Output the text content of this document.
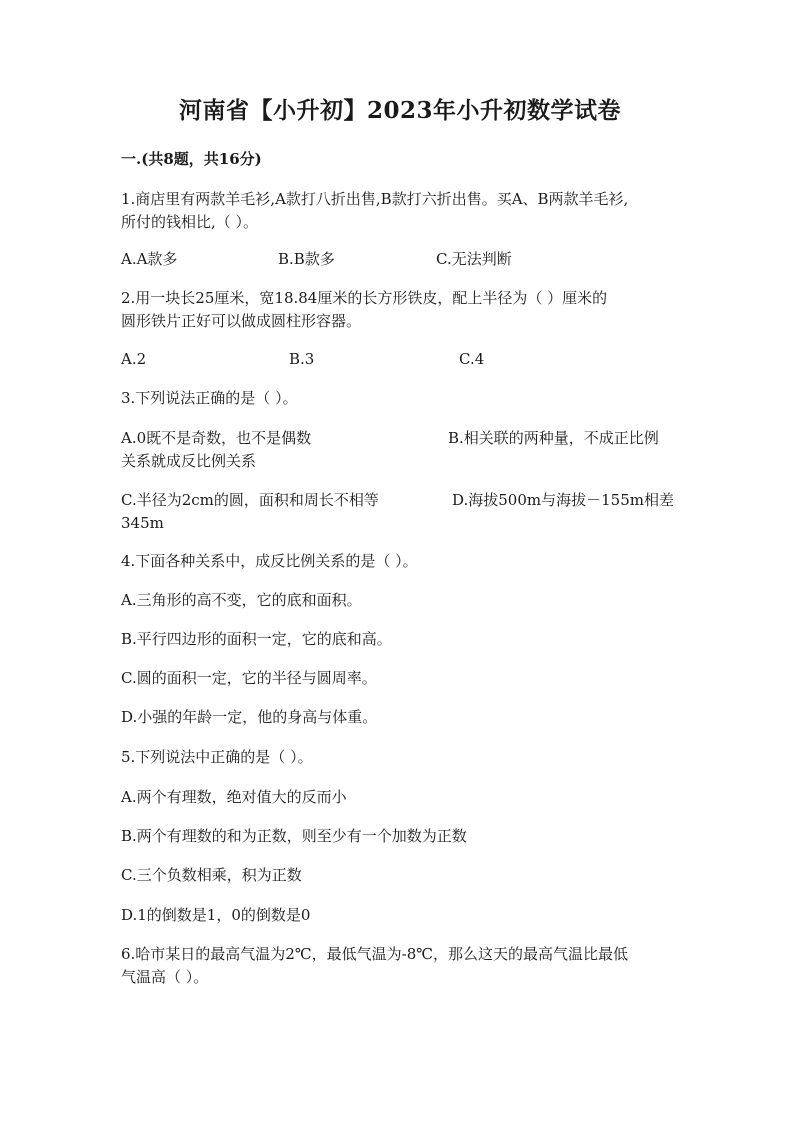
河南省【小升初】2023年小升初数学试卷
一.(共8题，共16分)
1.商店里有两款羊毛衫,A款打八折出售,B款打六折出售。买A、B两款羊毛衫,
所付的钱相比,（ ）。
A.A款多	B.B款多	C.无法判断
2.用一块长25厘米，宽18.84厘米的长方形铁皮，配上半径为（ ）厘米的
圆形铁片正好可以做成圆柱形容器。
A.2	B.3	C.4
3.下列说法正确的是（ ）。
A.0既不是奇数，也不是偶数	B.相关联的两种量，不成正比例
关系就成反比例关系
C.半径为2cm的圆，面积和周长不相等	D.海拔500m与海拔－155m相差
345m
4.下面各种关系中，成反比例关系的是（ ）。
A.三角形的高不变，它的底和面积。
B.平行四边形的面积一定，它的底和高。
C.圆的面积一定，它的半径与圆周率。
D.小强的年龄一定，他的身高与体重。
5.下列说法中正确的是（ ）。
A.两个有理数，绝对值大的反而小
B.两个有理数的和为正数，则至少有一个加数为正数
C.三个负数相乘，积为正数
D.1的倒数是1，0的倒数是0
6.哈市某日的最高气温为2℃，最低气温为-8℃，那么这天的最高气温比最低
气温高（ ）。
